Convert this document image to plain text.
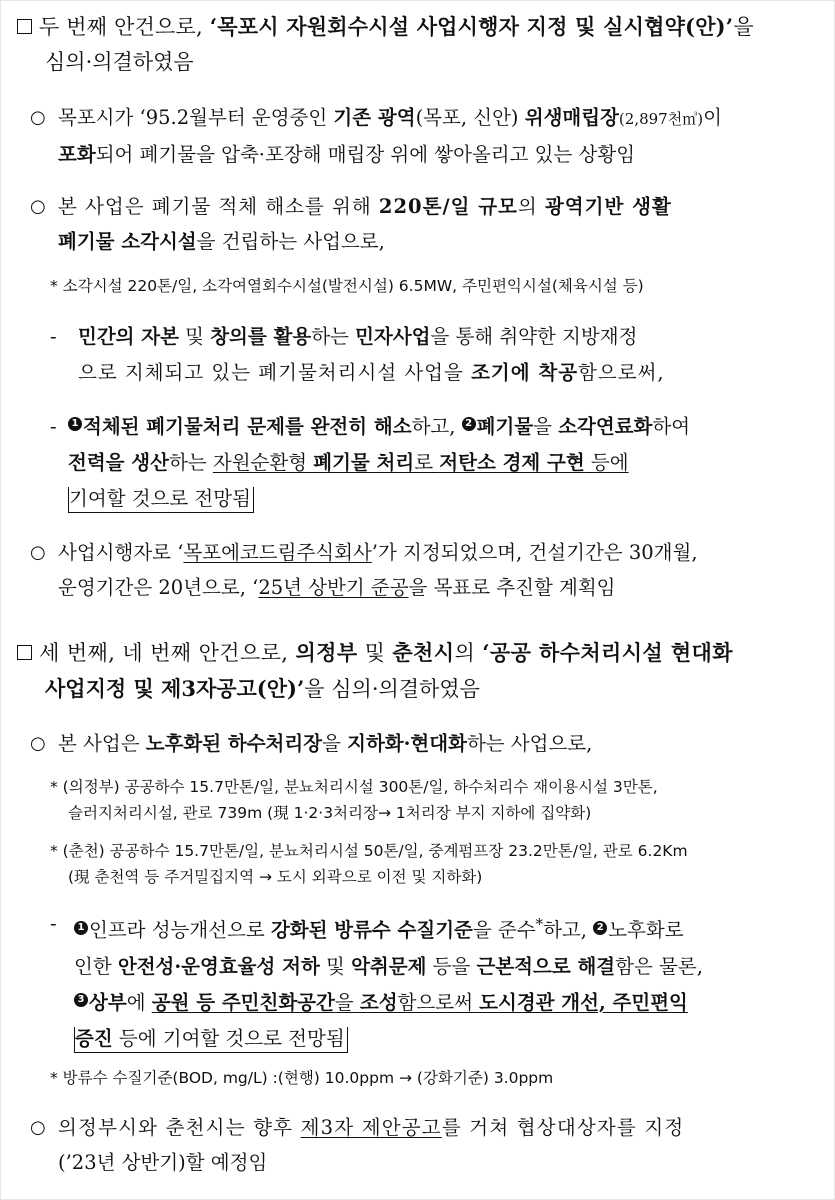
두 번째 안건으로, ‘목포시 자원회수시설 사업시행자 지정 및 실시협약(안)’을
심의·의결하였음
○ 목포시가 ‘95.2월부터 운영중인 기존 광역(목포, 신안) 위생매립장(2,897천㎥)이
포화되어 폐기물을 압축·포장해 매립장 위에 쌓아올리고 있는 상황임
○ 본 사업은 폐기물 적체 해소를 위해 220톤/일 규모의 광역기반 생활
폐기물 소각시설을 건립하는 사업으로,
* 소각시설 220톤/일, 소각여열회수시설(발전시설) 6.5MW, 주민편익시설(체육시설 등)
- 민간의 자본 및 창의를 활용하는 민자사업을 통해 취약한 지방재정
으로 지체되고 있는 폐기물처리시설 사업을 조기에 착공함으로써,
-	1 적체된 폐기물처리 문제를 완전히 해소하고, 2 폐기물을 소각연료화하여
전력을 생산하는 자원순환형 폐기물 처리로 저탄소 경제 구현 등에
기여할 것으로 전망됨
○ 사업시행자로 ‘목포에코드림주식회사’가 지정되었으며, 건설기간은 30개월,
운영기간은 20년으로, ‘25년 상반기 준공을 목표로 추진할 계획임
세 번째, 네 번째 안건으로, 의정부 및 춘천시의 ‘공공 하수처리시설 현대화
사업지정 및 제3자공고(안)’을 심의·의결하였음
○ 본 사업은 노후화된 하수처리장을 지하화·현대화하는 사업으로,
* (의정부) 공공하수 15.7만톤/일, 분뇨처리시설 300톤/일, 하수처리수 재이용시설 3만톤,
슬러지처리시설, 관로 739m (現 1·2·3처리장→ 1처리장 부지 지하에 집약화)
* (춘천) 공공하수 15.7만톤/일, 분뇨처리시설 50톤/일, 중계펌프장 23.2만톤/일, 관로 6.2Km
(現 춘천역 등 주거밀집지역 → 도시 외곽으로 이전 및 지하화)
-	1 인프라 성능개선으로 강화된 방류수 수질기준을 준수*하고, 2 노후화로
인한 안전성·운영효율성 저하 및 악취문제 등을 근본적으로 해결함은 물론,
3 상부에 공원 등 주민친화공간을 조성함으로써 도시경관 개선, 주민편익
증진 등에 기여할 것으로 전망됨
* 방류수 수질기준(BOD, mg/L) :(현행) 10.0ppm → (강화기준) 3.0ppm
○ 의정부시와 춘천시는 향후 제3자 제안공고를 거쳐 협상대상자를 지정
(’23년 상반기)할 예정임
